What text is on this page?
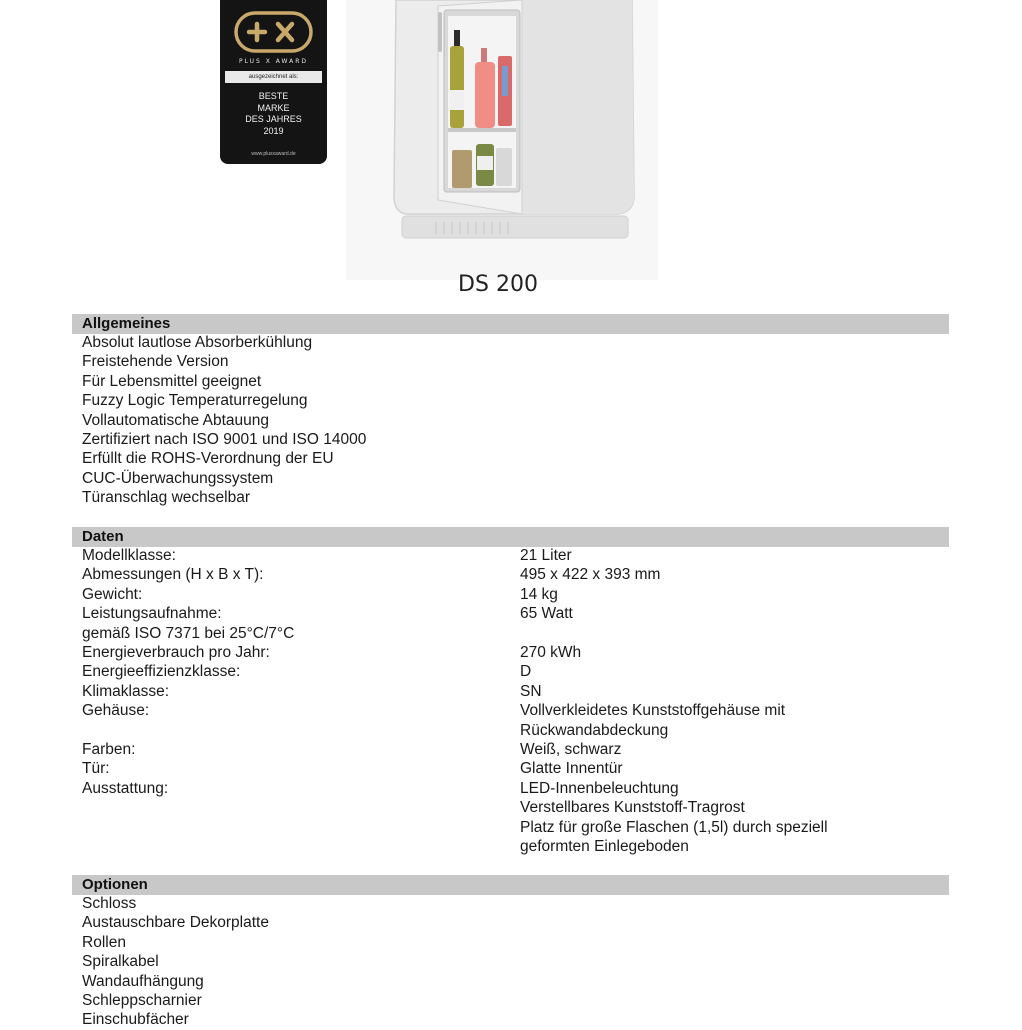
PLUS X AWARD
ausgezeichnet als:
BESTE
MARKE
DES JAHRES
2019
www.plusxaward.de
DS 200
Allgemeines
Absolut lautlose Absorberkühlung
Freistehende Version
Für Lebensmittel geeignet
Fuzzy Logic Temperaturregelung
Vollautomatische Abtauung
Zertifiziert nach ISO 9001 und ISO 14000
Erfüllt die ROHS-Verordnung der EU
CUC-Überwachungssystem
Türanschlag wechselbar
Daten
Modellklasse:	21 Liter
Abmessungen (H x B x T):	495 x 422 x 393 mm
Gewicht:	14 kg
Leistungsaufnahme:	65 Watt
gemäß ISO 7371 bei 25°C/7°C
Energieverbrauch pro Jahr:	270 kWh
Energieeffizienzklasse:	D
Klimaklasse:	SN
Gehäuse:	Vollverkleidetes Kunststoffgehäuse mit
Rückwandabdeckung
Farben:	Weiß, schwarz
Tür:	Glatte Innentür
Ausstattung:	LED-Innenbeleuchtung
Verstellbares Kunststoff-Tragrost
Platz für große Flaschen (1,5l) durch speziell
geformten Einlegeboden
Optionen
Schloss
Austauschbare Dekorplatte
Rollen
Spiralkabel
Wandaufhängung
Schleppscharnier
Einschubfächer
